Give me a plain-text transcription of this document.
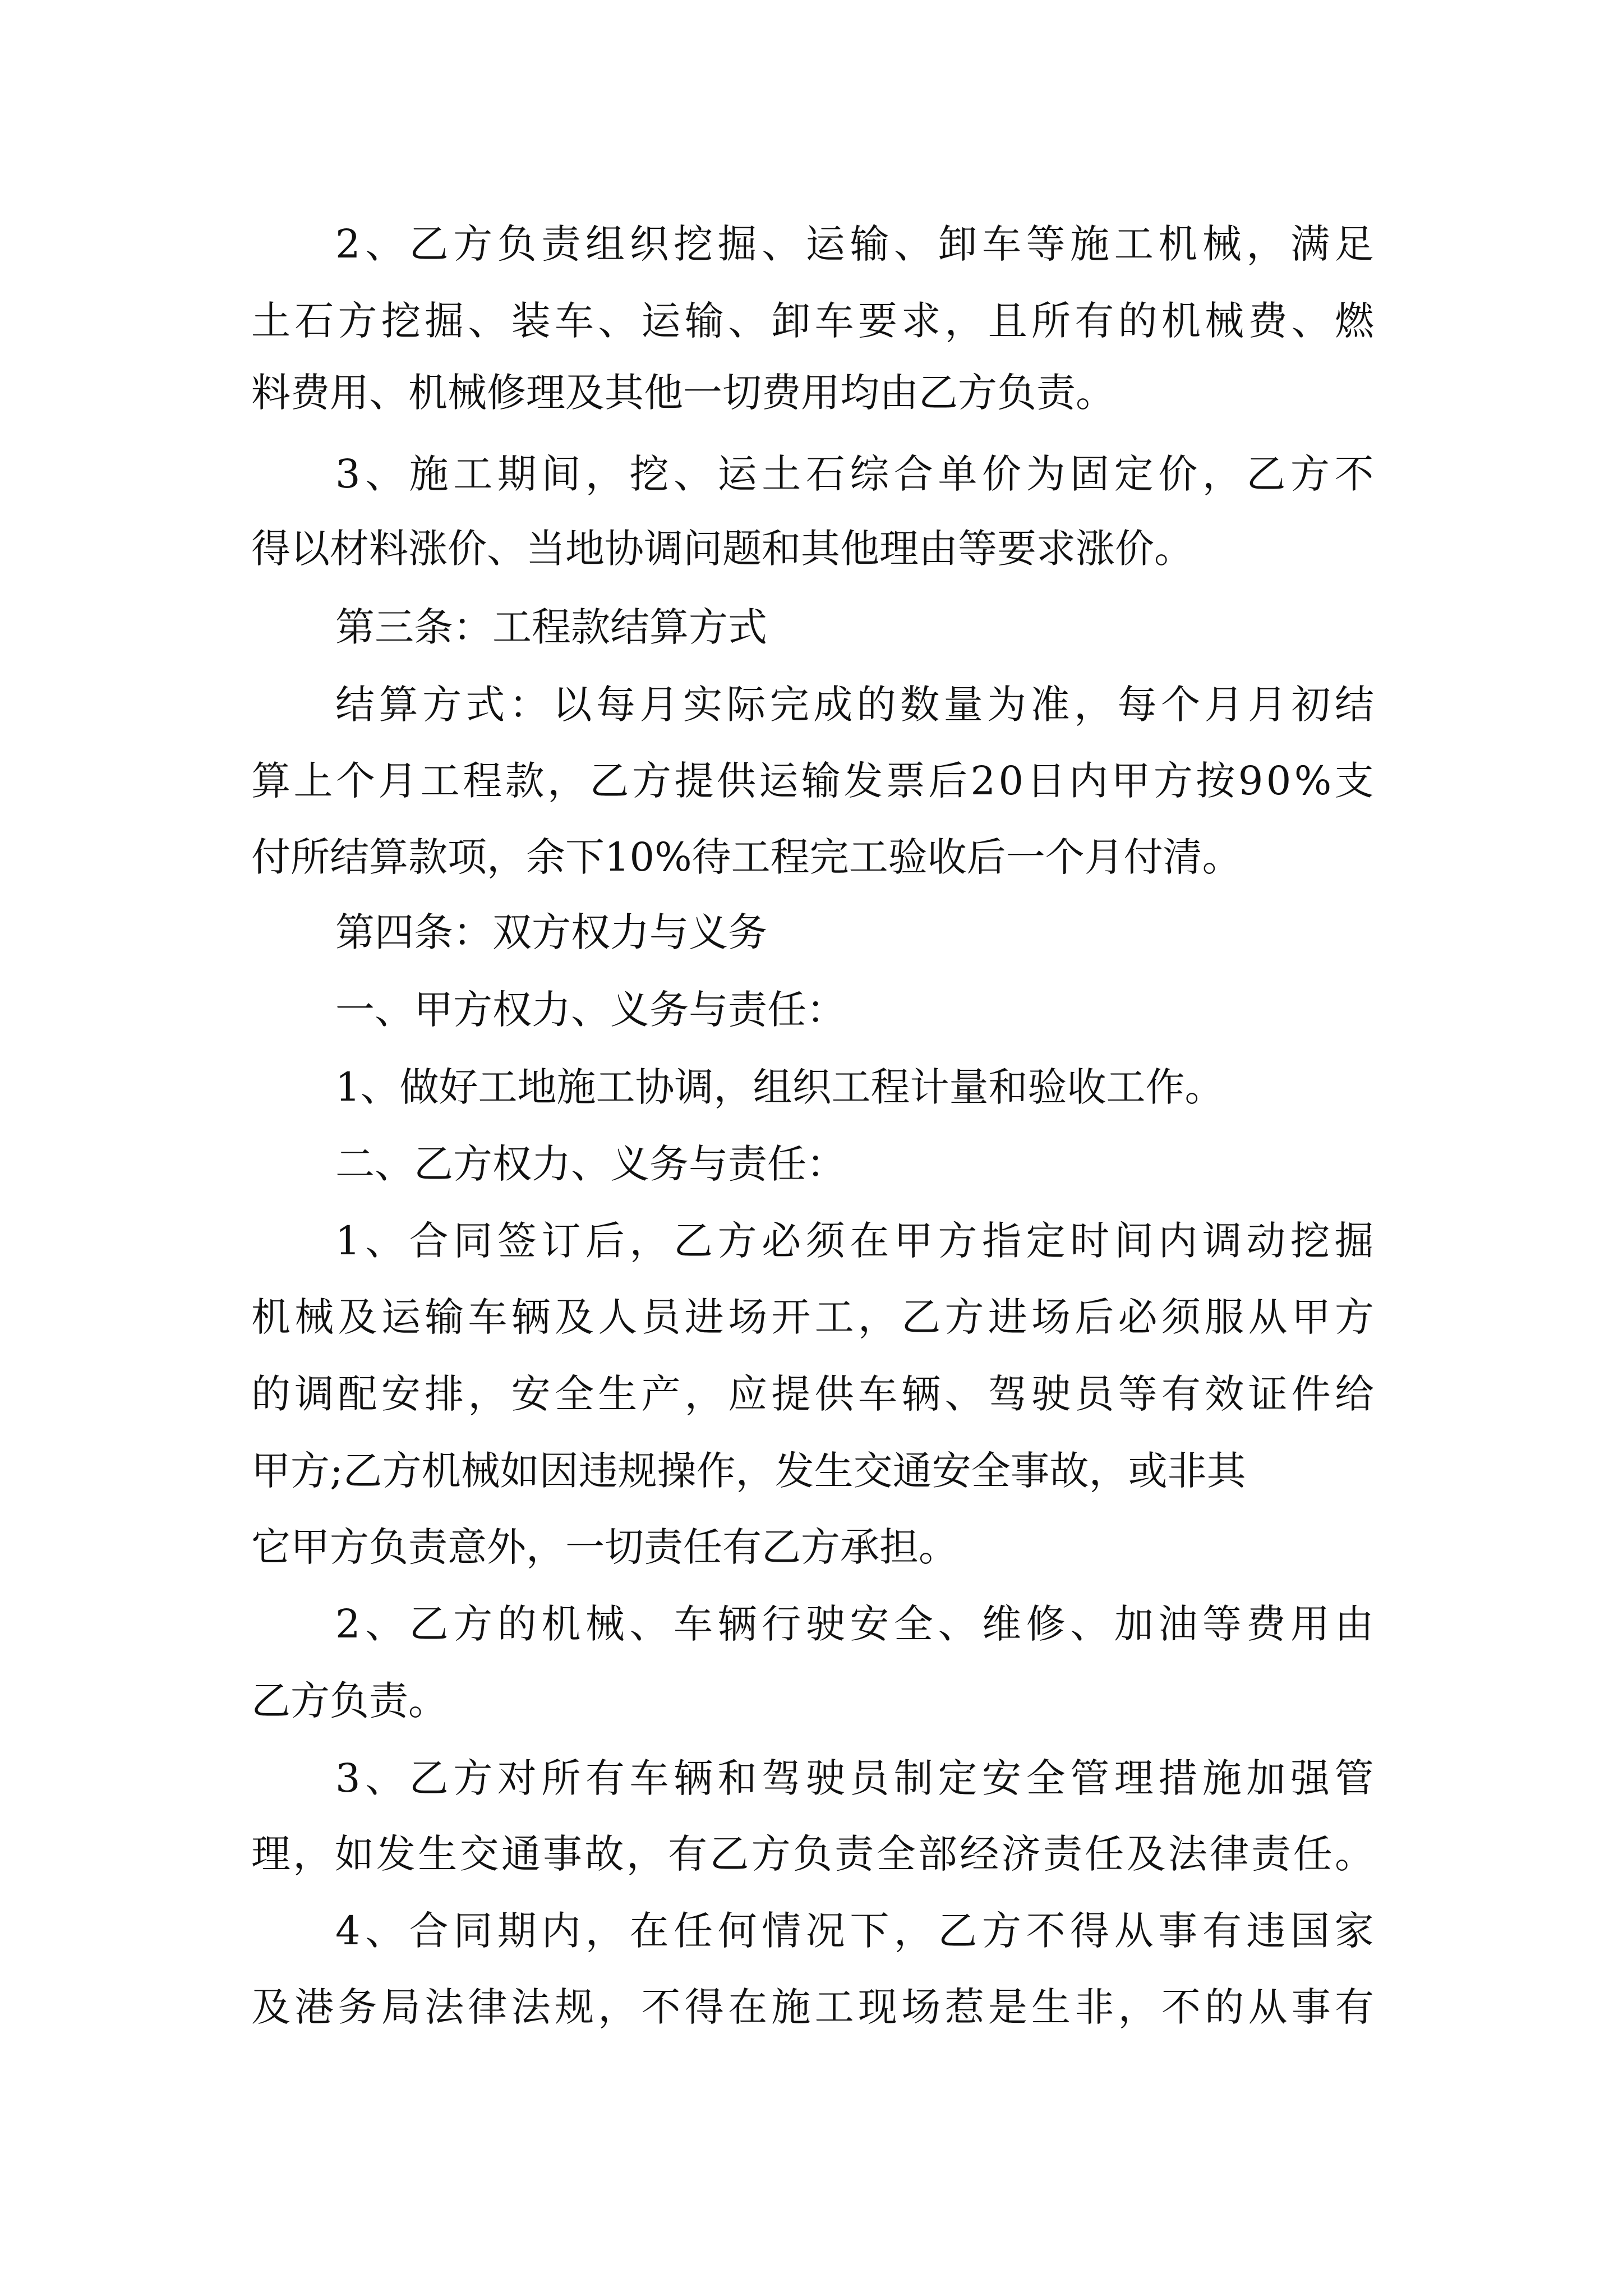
2、乙方负责组织挖掘、运输、卸车等施工机械，满足
土石方挖掘、装车、运输、卸车要求，且所有的机械费、燃
料费用、机械修理及其他一切费用均由乙方负责。
3、施工期间，挖、运土石综合单价为固定价，乙方不
得以材料涨价、当地协调问题和其他理由等要求涨价。
第三条：工程款结算方式
结算方式：以每月实际完成的数量为准，每个月月初结
算上个月工程款，乙方提供运输发票后20日内甲方按90%支
付所结算款项，余下10%待工程完工验收后一个月付清。
第四条：双方权力与义务
一、甲方权力、义务与责任：
1、做好工地施工协调，组织工程计量和验收工作。
二、乙方权力、义务与责任：
1、合同签订后，乙方必须在甲方指定时间内调动挖掘
机械及运输车辆及人员进场开工，乙方进场后必须服从甲方
的调配安排，安全生产，应提供车辆、驾驶员等有效证件给
甲方;乙方机械如因违规操作，发生交通安全事故，或非其
它甲方负责意外，一切责任有乙方承担。
2、乙方的机械、车辆行驶安全、维修、加油等费用由
乙方负责。
3、乙方对所有车辆和驾驶员制定安全管理措施加强管
理，如发生交通事故，有乙方负责全部经济责任及法律责任。
4、合同期内，在任何情况下，乙方不得从事有违国家
及港务局法律法规，不得在施工现场惹是生非，不的从事有
